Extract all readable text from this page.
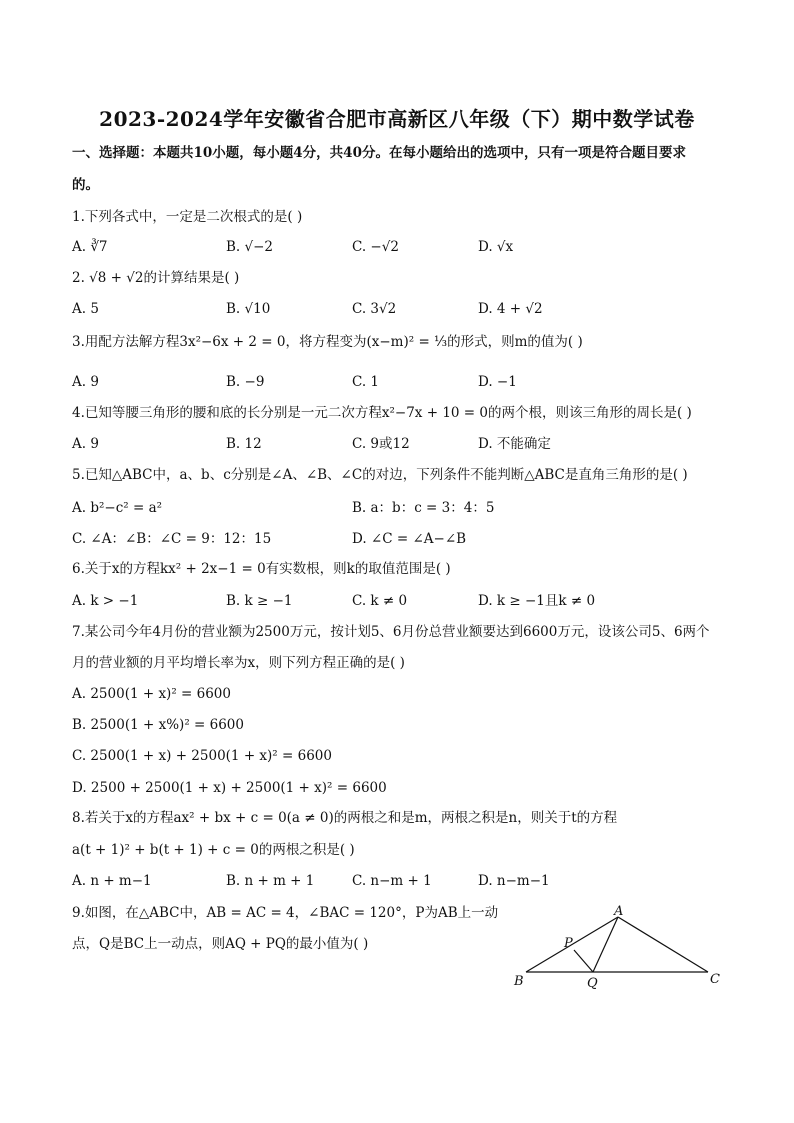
2023-2024学年安徽省合肥市高新区八年级（下）期中数学试卷
一、选择题：本题共10小题，每小题4分，共40分。在每小题给出的选项中，只有一项是符合题目要求
的。
1.下列各式中，一定是二次根式的是( )
A. ∛7	B. √−2	C. −√2	D. √x
2. √8 + √2的计算结果是( )
A. 5	B. √10	C. 3√2	D. 4 + √2
3.用配方法解方程3x²−6x + 2 = 0，将方程变为(x−m)² = ⅓的形式，则m的值为( )
A. 9	B. −9	C. 1	D. −1
4.已知等腰三角形的腰和底的长分别是一元二次方程x²−7x + 10 = 0的两个根，则该三角形的周长是( )
A. 9	B. 12	C. 9或12	D. 不能确定
5.已知△ABC中，a、b、c分别是∠A、∠B、∠C的对边，下列条件不能判断△ABC是直角三角形的是( )
A. b²−c² = a²	B. a：b：c = 3：4：5
C. ∠A：∠B：∠C = 9：12：15	D. ∠C = ∠A−∠B
6.关于x的方程kx² + 2x−1 = 0有实数根，则k的取值范围是( )
A. k > −1	B. k ≥ −1	C. k ≠ 0	D. k ≥ −1且k ≠ 0
7.某公司今年4月份的营业额为2500万元，按计划5、6月份总营业额要达到6600万元，设该公司5、6两个
月的营业额的月平均增长率为x，则下列方程正确的是( )
A. 2500(1 + x)² = 6600
B. 2500(1 + x%)² = 6600
C. 2500(1 + x) + 2500(1 + x)² = 6600
D. 2500 + 2500(1 + x) + 2500(1 + x)² = 6600
8.若关于x的方程ax² + bx + c = 0(a ≠ 0)的两根之和是m，两根之积是n，则关于t的方程
a(t + 1)² + b(t + 1) + c = 0的两根之积是( )
A. n + m−1	B. n + m + 1	C. n−m + 1	D. n−m−1
9.如图，在△ABC中，AB = AC = 4，∠BAC = 120°，P为AB上一动
点，Q是BC上一动点，则AQ + PQ的最小值为( )
A
B	C
P
Q
